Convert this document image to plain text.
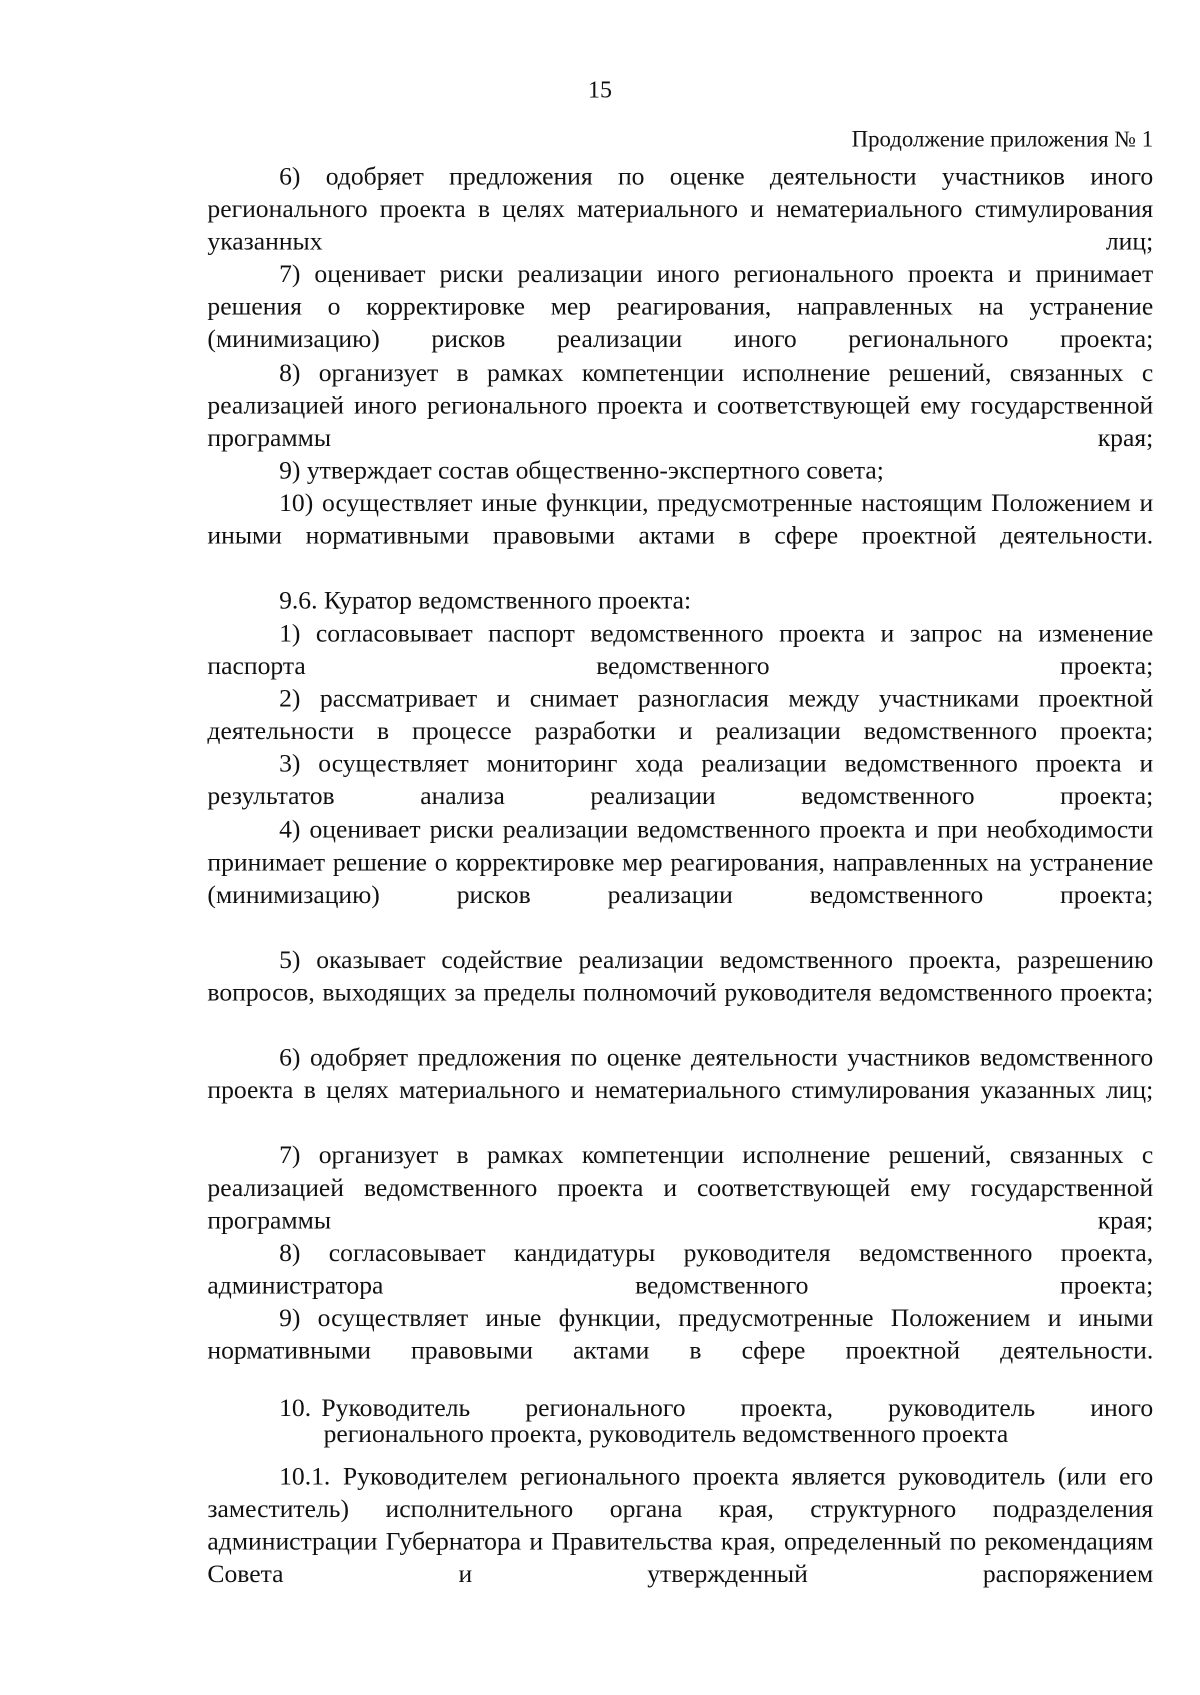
15
Продолжение приложения № 1

6) одобряет предложения по оценке деятельности участников иного регионального проекта в целях материального и нематериального стимулирования указанных лиц;

7) оценивает риски реализации иного регионального проекта и принимает решения о корректировке мер реагирования, направленных на устранение (минимизацию) рисков реализации иного регионального проекта;

8) организует в рамках компетенции исполнение решений, связанных с реализацией иного регионального проекта и соответствующей ему государственной программы края;

9) утверждает состав общественно-экспертного совета;

10) осуществляет иные функции, предусмотренные настоящим Положением и иными нормативными правовыми актами в сфере проектной деятельности.

9.6. Куратор ведомственного проекта:

1) согласовывает паспорт ведомственного проекта и запрос на изменение паспорта ведомственного проекта;

2) рассматривает и снимает разногласия между участниками проектной деятельности в процессе разработки и реализации ведомственного проекта;

3) осуществляет мониторинг хода реализации ведомственного проекта и результатов анализа реализации ведомственного проекта;

4) оценивает риски реализации ведомственного проекта и при необходимости принимает решение о корректировке мер реагирования, направленных на устранение (минимизацию) рисков реализации ведомственного проекта;

5) оказывает содействие реализации ведомственного проекта, разрешению вопросов, выходящих за пределы полномочий руководителя ведомственного проекта;

6) одобряет предложения по оценке деятельности участников ведомственного проекта в целях материального и нематериального стимулирования указанных лиц;

7) организует в рамках компетенции исполнение решений, связанных с реализацией ведомственного проекта и соответствующей ему государственной программы края;

8) согласовывает кандидатуры руководителя ведомственного проекта, администратора ведомственного проекта;

9) осуществляет иные функции, предусмотренные Положением и иными нормативными правовыми актами в сфере проектной деятельности.

10. Руководитель регионального проекта, руководитель иного
регионального проекта, руководитель ведомственного проекта

10.1. Руководителем регионального проекта является руководитель (или его заместитель) исполнительного органа края, структурного подразделения администрации Губернатора и Правительства края, определенный по рекомендациям Совета и утвержденный распоряжением
